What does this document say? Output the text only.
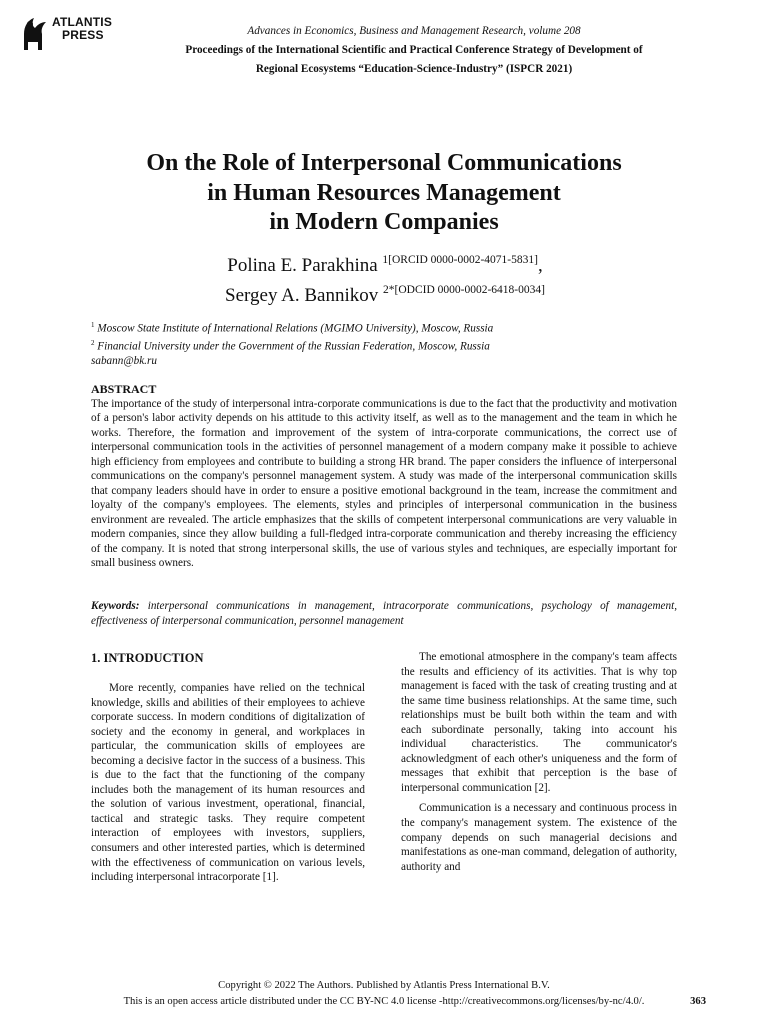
ATLANTIS
PRESS	Advances in Economics, Business and Management Research, volume 208
Proceedings of the International Scientific and Practical Conference Strategy of Development of
Regional Ecosystems “Education-Science-Industry” (ISPCR 2021)
On the Role of Interpersonal Communications
in Human Resources Management
in Modern Companies
Polina E. Parakhina $^{1[ORCID 0000-0002-4071-5831]}$,
Sergey A. Bannikov $^{2*[ODCID 0000-0002-6418-0034]}$
$^1$ Moscow State Institute of International Relations (MGIMO University), Moscow, Russia
$^2$ Financial University under the Government of the Russian Federation, Moscow, Russia
sabann@bk.ru
ABSTRACT

The importance of the study of interpersonal intra-corporate communications is due to the fact that the productivity and motivation of a person's labor activity depends on his attitude to this activity itself, as well as to the management and the team in which he works. Therefore, the formation and improvement of the system of intra-corporate communications, the correct use of interpersonal communication tools in the activities of personnel management of a modern company make it possible to achieve high efficiency from employees and contribute to building a strong HR brand. The paper considers the influence of interpersonal communications on the company's personnel management system. A study was made of the interpersonal communication skills that company leaders should have in order to ensure a positive emotional background in the team, increase the commitment and loyalty of the company's employees. The elements, styles and principles of interpersonal communication in the business environment are revealed. The article emphasizes that the skills of competent interpersonal communications are very valuable in modern companies, since they allow building a full-fledged intra-corporate communication and thereby increasing the efficiency of the company. It is noted that strong interpersonal skills, the use of various styles and techniques, are especially important for small business owners.

Keywords: interpersonal communications in management, intracorporate communications, psychology of management, effectiveness of interpersonal communication, personnel management
1. INTRODUCTION

More recently, companies have relied on the technical knowledge, skills and abilities of their employees to achieve corporate success. In modern conditions of digitalization of society and the economy in general, and workplaces in particular, the communication skills of employees are becoming a decisive factor in the success of a business. This is due to the fact that the functioning of the company includes both the management of its human resources and the solution of various investment, operational, financial, tactical and strategic tasks. They require competent interaction of employees with investors, suppliers, consumers and other interested parties, which is determined with the effectiveness of communication on various levels, including interpersonal intracorporate [1].

The emotional atmosphere in the company's team affects the results and efficiency of its activities. That is why top management is faced with the task of creating trusting and at the same time business relationships. At the same time, such relationships must be built both within the team and with each subordinate personally, taking into account his individual characteristics. The communicator's acknowledgment of each other's uniqueness and the form of messages that exhibit that perception is the base of interpersonal communication [2].

Communication is a necessary and continuous process in the company's management system. The existence of the company depends on such managerial decisions and manifestations as one-man command, delegation of authority, authority and

Copyright © 2022 The Authors. Published by Atlantis Press International B.V.
This is an open access article distributed under the CC BY-NC 4.0 license -http://creativecommons.org/licenses/by-nc/4.0/.	363
